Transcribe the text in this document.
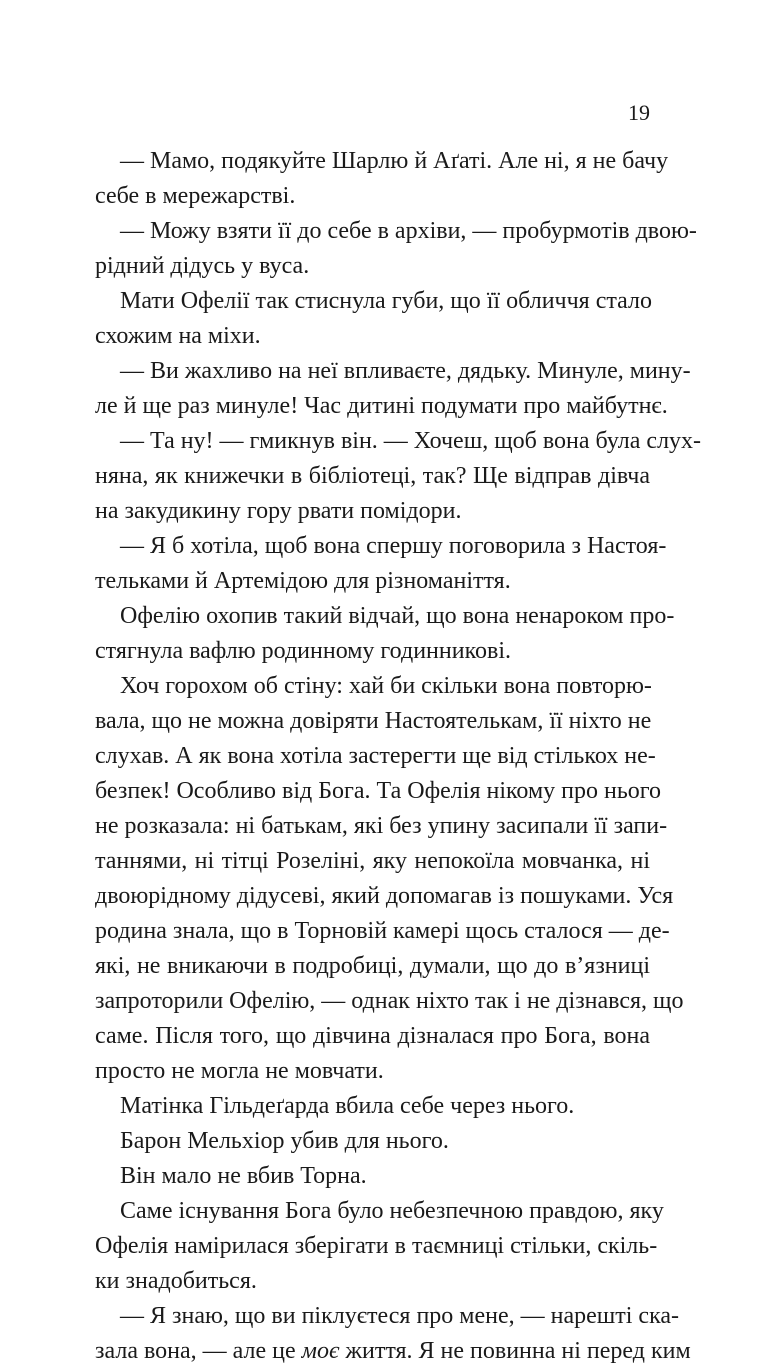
19
— Мамо, подякуйте Шарлю й Аґаті. Але ні, я не бачу
себе в мережарстві.
— Можу взяти її до себе в архіви, — пробурмотів двою-
рідний дідусь у вуса.
Мати Офелії так стиснула губи, що її обличчя стало
схожим на міхи.
— Ви жахливо на неї впливаєте, дядьку. Минуле, мину-
ле й ще раз минуле! Час дитині подумати про майбутнє.
— Та ну! — гмикнув він. — Хочеш, щоб вона була слух-
няна, як книжечки в бібліотеці, так? Ще відправ дівча
на закудикину гору рвати помідори.
— Я б хотіла, щоб вона спершу поговорила з Настоя-
тельками й Артемідою для різноманіття.
Офелію охопив такий відчай, що вона ненароком про-
стягнула вафлю родинному годинникові.
Хоч горохом об стіну: хай би скільки вона повторю-
вала, що не можна довіряти Настоятелькам, її ніхто не
слухав. А як вона хотіла застерегти ще від стількох не-
безпек! Особливо від Бога. Та Офелія нікому про нього
не розказала: ні батькам, які без упину засипали її запи-
таннями, ні тітці Розеліні, яку непокоїла мовчанка, ні
двоюрідному дідусеві, який допомагав із пошуками. Уся
родина знала, що в Торновій камері щось сталося — де-
які, не вникаючи в подробиці, думали, що до в’язниці
запроторили Офелію, — однак ніхто так і не дізнався, що
саме. Після того, що дівчина дізналася про Бога, вона
просто не могла не мовчати.
Матінка Гільдеґарда вбила себе через нього.
Барон Мельхіор убив для нього.
Він мало не вбив Торна.
Саме існування Бога було небезпечною правдою, яку
Офелія намірилася зберігати в таємниці стільки, скіль-
ки знадобиться.
— Я знаю, що ви піклуєтеся про мене, — нарешті ска-
зала вона, — але це моє життя. Я не повинна ні перед ким
